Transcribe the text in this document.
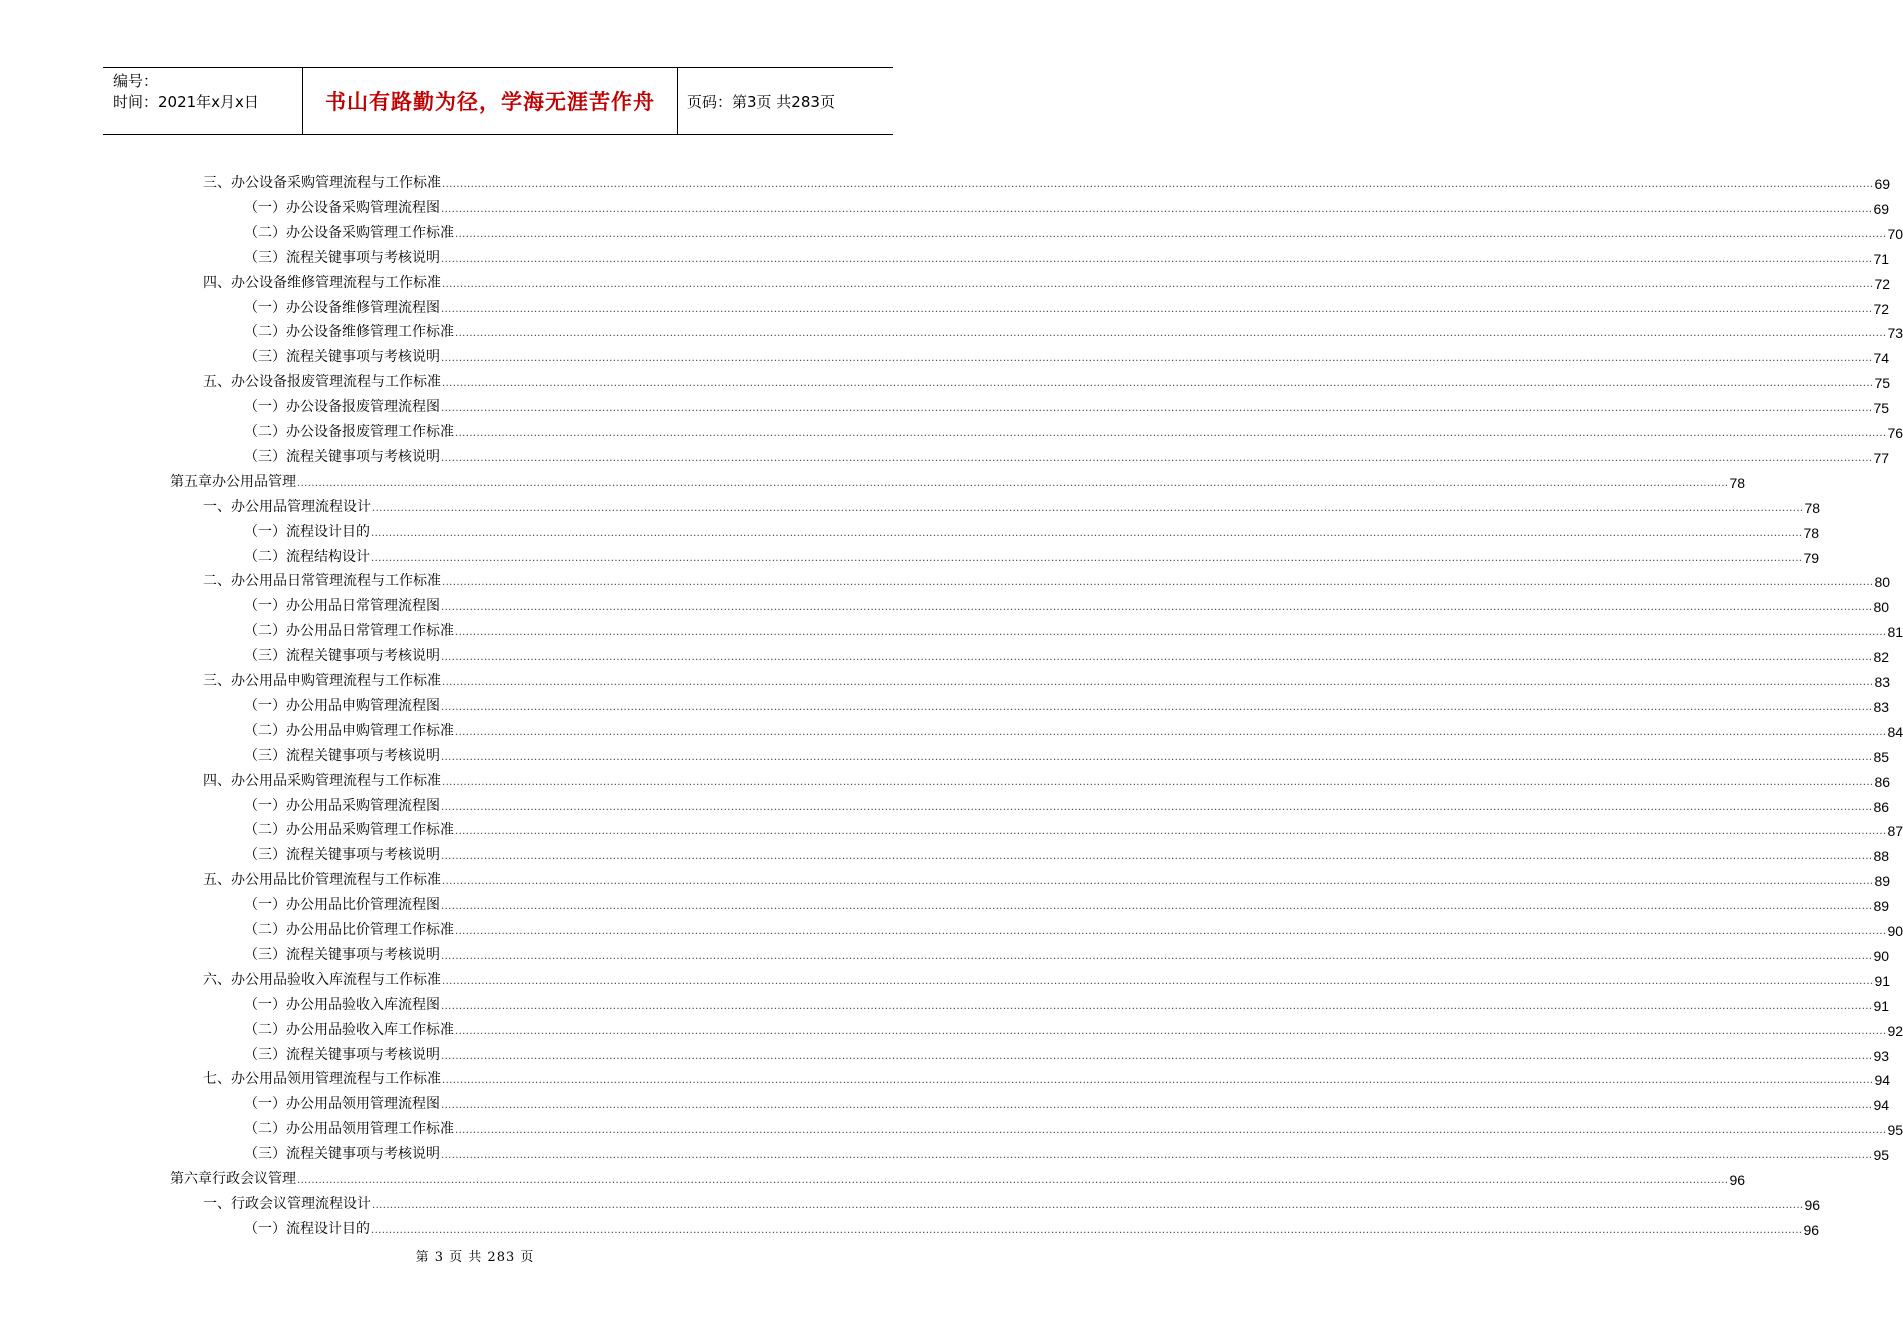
编号：
时间：2021年x月x日	书山有路勤为径，学海无涯苦作舟	页码：第3页 共283页
三、 办公设备采购管理流程与工作标准 ................................................................................................................................................................................................................................................................................................................................................................................................................ 69
（一） 办公设备采购管理流程图 ................................................................................................................................................................................................................................................................................................................................................................................................................ 69
（二） 办公设备采购管理工作标准 ................................................................................................................................................................................................................................................................................................................................................................................................................ 70
（三） 流程关键事项与考核说明 ................................................................................................................................................................................................................................................................................................................................................................................................................ 71
四、 办公设备维修管理流程与工作标准 ................................................................................................................................................................................................................................................................................................................................................................................................................ 72
（一） 办公设备维修管理流程图 ................................................................................................................................................................................................................................................................................................................................................................................................................ 72
（二） 办公设备维修管理工作标准 ................................................................................................................................................................................................................................................................................................................................................................................................................ 73
（三） 流程关键事项与考核说明 ................................................................................................................................................................................................................................................................................................................................................................................................................ 74
五、 办公设备报废管理流程与工作标准 ................................................................................................................................................................................................................................................................................................................................................................................................................ 75
（一） 办公设备报废管理流程图 ................................................................................................................................................................................................................................................................................................................................................................................................................ 75
（二） 办公设备报废管理工作标准 ................................................................................................................................................................................................................................................................................................................................................................................................................ 76
（三） 流程关键事项与考核说明 ................................................................................................................................................................................................................................................................................................................................................................................................................ 77
第五章 办公用品管理 ................................................................................................................................................................................................................................................................................................................................................................................................................ 78
一、 办公用品管理流程设计 ................................................................................................................................................................................................................................................................................................................................................................................................................ 78
（一） 流程设计目的 ................................................................................................................................................................................................................................................................................................................................................................................................................ 78
（二） 流程结构设计 ................................................................................................................................................................................................................................................................................................................................................................................................................ 79
二、 办公用品日常管理流程与工作标准 ................................................................................................................................................................................................................................................................................................................................................................................................................ 80
（一） 办公用品日常管理流程图 ................................................................................................................................................................................................................................................................................................................................................................................................................ 80
（二） 办公用品日常管理工作标准 ................................................................................................................................................................................................................................................................................................................................................................................................................ 81
（三） 流程关键事项与考核说明 ................................................................................................................................................................................................................................................................................................................................................................................................................ 82
三、 办公用品申购管理流程与工作标准 ................................................................................................................................................................................................................................................................................................................................................................................................................ 83
（一） 办公用品申购管理流程图 ................................................................................................................................................................................................................................................................................................................................................................................................................ 83
（二） 办公用品申购管理工作标准 ................................................................................................................................................................................................................................................................................................................................................................................................................ 84
（三） 流程关键事项与考核说明 ................................................................................................................................................................................................................................................................................................................................................................................................................ 85
四、 办公用品采购管理流程与工作标准 ................................................................................................................................................................................................................................................................................................................................................................................................................ 86
（一） 办公用品采购管理流程图 ................................................................................................................................................................................................................................................................................................................................................................................................................ 86
（二） 办公用品采购管理工作标准 ................................................................................................................................................................................................................................................................................................................................................................................................................ 87
（三） 流程关键事项与考核说明 ................................................................................................................................................................................................................................................................................................................................................................................................................ 88
五、 办公用品比价管理流程与工作标准 ................................................................................................................................................................................................................................................................................................................................................................................................................ 89
（一） 办公用品比价管理流程图 ................................................................................................................................................................................................................................................................................................................................................................................................................ 89
（二） 办公用品比价管理工作标准 ................................................................................................................................................................................................................................................................................................................................................................................................................ 90
（三） 流程关键事项与考核说明 ................................................................................................................................................................................................................................................................................................................................................................................................................ 90
六、 办公用品验收入库流程与工作标准 ................................................................................................................................................................................................................................................................................................................................................................................................................ 91
（一） 办公用品验收入库流程图 ................................................................................................................................................................................................................................................................................................................................................................................................................ 91
（二） 办公用品验收入库工作标准 ................................................................................................................................................................................................................................................................................................................................................................................................................ 92
（三） 流程关键事项与考核说明 ................................................................................................................................................................................................................................................................................................................................................................................................................ 93
七、 办公用品领用管理流程与工作标准 ................................................................................................................................................................................................................................................................................................................................................................................................................ 94
（一） 办公用品领用管理流程图 ................................................................................................................................................................................................................................................................................................................................................................................................................ 94
（二） 办公用品领用管理工作标准 ................................................................................................................................................................................................................................................................................................................................................................................................................ 95
（三） 流程关键事项与考核说明 ................................................................................................................................................................................................................................................................................................................................................................................................................ 95
第六章 行政会议管理 ................................................................................................................................................................................................................................................................................................................................................................................................................ 96
一、 行政会议管理流程设计 ................................................................................................................................................................................................................................................................................................................................................................................................................ 96
（一） 流程设计目的 ................................................................................................................................................................................................................................................................................................................................................................................................................ 96
第 3 页 共 283 页
